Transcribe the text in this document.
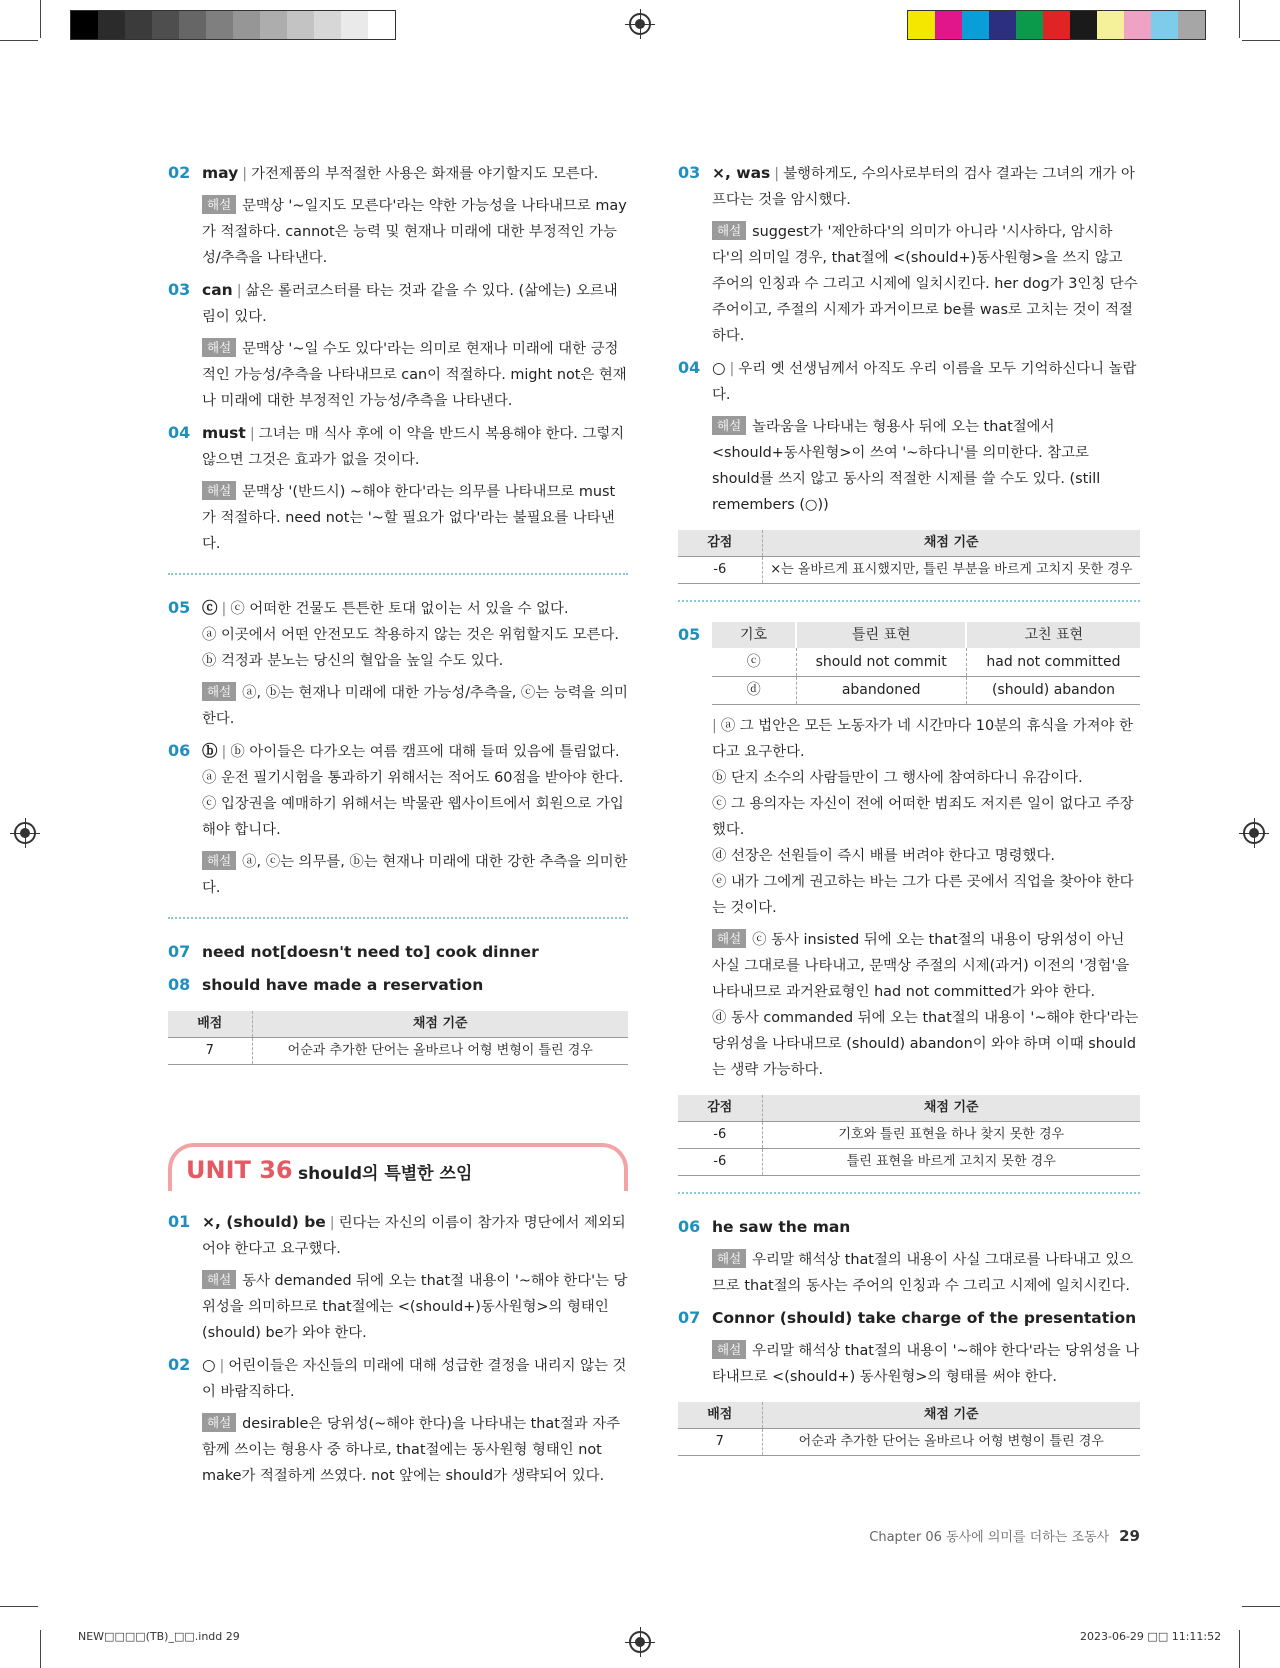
02 may | 가전제품의 부적절한 사용은 화재를 야기할지도 모른다.
해설 문맥상 '~일지도 모른다'라는 약한 가능성을 나타내므로 may가 적절하다. cannot은 능력 및 현재나 미래에 대한 부정적인 가능성/추측을 나타낸다.
03 can | 삶은 롤러코스터를 타는 것과 같을 수 있다. (삶에는) 오르내림이 있다.
해설 문맥상 '~일 수도 있다'라는 의미로 현재나 미래에 대한 긍정적인 가능성/추측을 나타내므로 can이 적절하다. might not은 현재나 미래에 대한 부정적인 가능성/추측을 나타낸다.
04 must | 그녀는 매 식사 후에 이 약을 반드시 복용해야 한다. 그렇지 않으면 그것은 효과가 없을 것이다.
해설 문맥상 '(반드시) ~해야 한다'라는 의무를 나타내므로 must가 적절하다. need not는 '~할 필요가 없다'라는 불필요를 나타낸다.
05 ⓒ | ⓒ 어떠한 건물도 튼튼한 토대 없이는 서 있을 수 없다.
ⓐ 이곳에서 어떤 안전모도 착용하지 않는 것은 위험할지도 모른다.
ⓑ 걱정과 분노는 당신의 혈압을 높일 수도 있다.
해설 ⓐ, ⓑ는 현재나 미래에 대한 가능성/추측을, ⓒ는 능력을 의미한다.
06 ⓑ | ⓑ 아이들은 다가오는 여름 캠프에 대해 들떠 있음에 틀림없다.
ⓐ 운전 필기시험을 통과하기 위해서는 적어도 60점을 받아야 한다.
ⓒ 입장권을 예매하기 위해서는 박물관 웹사이트에서 회원으로 가입해야 합니다.
해설 ⓐ, ⓒ는 의무를, ⓑ는 현재나 미래에 대한 강한 추측을 의미한다.
07 need not[doesn't need to] cook dinner
08 should have made a reservation
배점	채점 기준
7	어순과 추가한 단어는 올바르나 어형 변형이 틀린 경우
UNIT 36 should의 특별한 쓰임
01 ×, (should) be | 린다는 자신의 이름이 참가자 명단에서 제외되어야 한다고 요구했다.
해설 동사 demanded 뒤에 오는 that절 내용이 '~해야 한다'는 당위성을 의미하므로 that절에는 <(should+)동사원형>의 형태인 (should) be가 와야 한다.
02 ○ | 어린이들은 자신들의 미래에 대해 성급한 결정을 내리지 않는 것이 바람직하다.
해설 desirable은 당위성(~해야 한다)을 나타내는 that절과 자주 함께 쓰이는 형용사 중 하나로, that절에는 동사원형 형태인 not make가 적절하게 쓰였다. not 앞에는 should가 생략되어 있다.
03 ×, was | 불행하게도, 수의사로부터의 검사 결과는 그녀의 개가 아프다는 것을 암시했다.
해설 suggest가 '제안하다'의 의미가 아니라 '시사하다, 암시하다'의 의미일 경우, that절에 <(should+)동사원형>을 쓰지 않고 주어의 인칭과 수 그리고 시제에 일치시킨다. her dog가 3인칭 단수 주어이고, 주절의 시제가 과거이므로 be를 was로 고치는 것이 적절하다.
04 ○ | 우리 옛 선생님께서 아직도 우리 이름을 모두 기억하신다니 놀랍다.
해설 놀라움을 나타내는 형용사 뒤에 오는 that절에서 <should+동사원형>이 쓰여 '~하다니'를 의미한다. 참고로 should를 쓰지 않고 동사의 적절한 시제를 쓸 수도 있다. (still remembers (○))
감점	채점 기준
-6	×는 올바르게 표시했지만, 틀린 부분을 바르게 고치지 못한 경우
05	기호	틀린 표현	고친 표현
ⓒ	should not commit	had not committed
ⓓ	abandoned	(should) abandon
| ⓐ 그 법안은 모든 노동자가 네 시간마다 10분의 휴식을 가져야 한다고 요구한다.
ⓑ 단지 소수의 사람들만이 그 행사에 참여하다니 유감이다.
ⓒ 그 용의자는 자신이 전에 어떠한 범죄도 저지른 일이 없다고 주장했다.
ⓓ 선장은 선원들이 즉시 배를 버려야 한다고 명령했다.
ⓔ 내가 그에게 권고하는 바는 그가 다른 곳에서 직업을 찾아야 한다는 것이다.
해설 ⓒ 동사 insisted 뒤에 오는 that절의 내용이 당위성이 아닌 사실 그대로를 나타내고, 문맥상 주절의 시제(과거) 이전의 '경험'을 나타내므로 과거완료형인 had not committed가 와야 한다.
ⓓ 동사 commanded 뒤에 오는 that절의 내용이 '~해야 한다'라는 당위성을 나타내므로 (should) abandon이 와야 하며 이때 should는 생략 가능하다.
감점	채점 기준
-6	기호와 틀린 표현을 하나 찾지 못한 경우
-6	틀린 표현을 바르게 고치지 못한 경우
06 he saw the man
해설 우리말 해석상 that절의 내용이 사실 그대로를 나타내고 있으므로 that절의 동사는 주어의 인칭과 수 그리고 시제에 일치시킨다.
07 Connor (should) take charge of the presentation
해설 우리말 해석상 that절의 내용이 '~해야 한다'라는 당위성을 나타내므로 <(should+) 동사원형>의 형태를 써야 한다.
배점	채점 기준
7	어순과 추가한 단어는 올바르나 어형 변형이 틀린 경우
Chapter 06 동사에 의미를 더하는 조동사 29
NEW□□□□(TB)_□□.indd 29	2023-06-29 □□ 11:11:52
